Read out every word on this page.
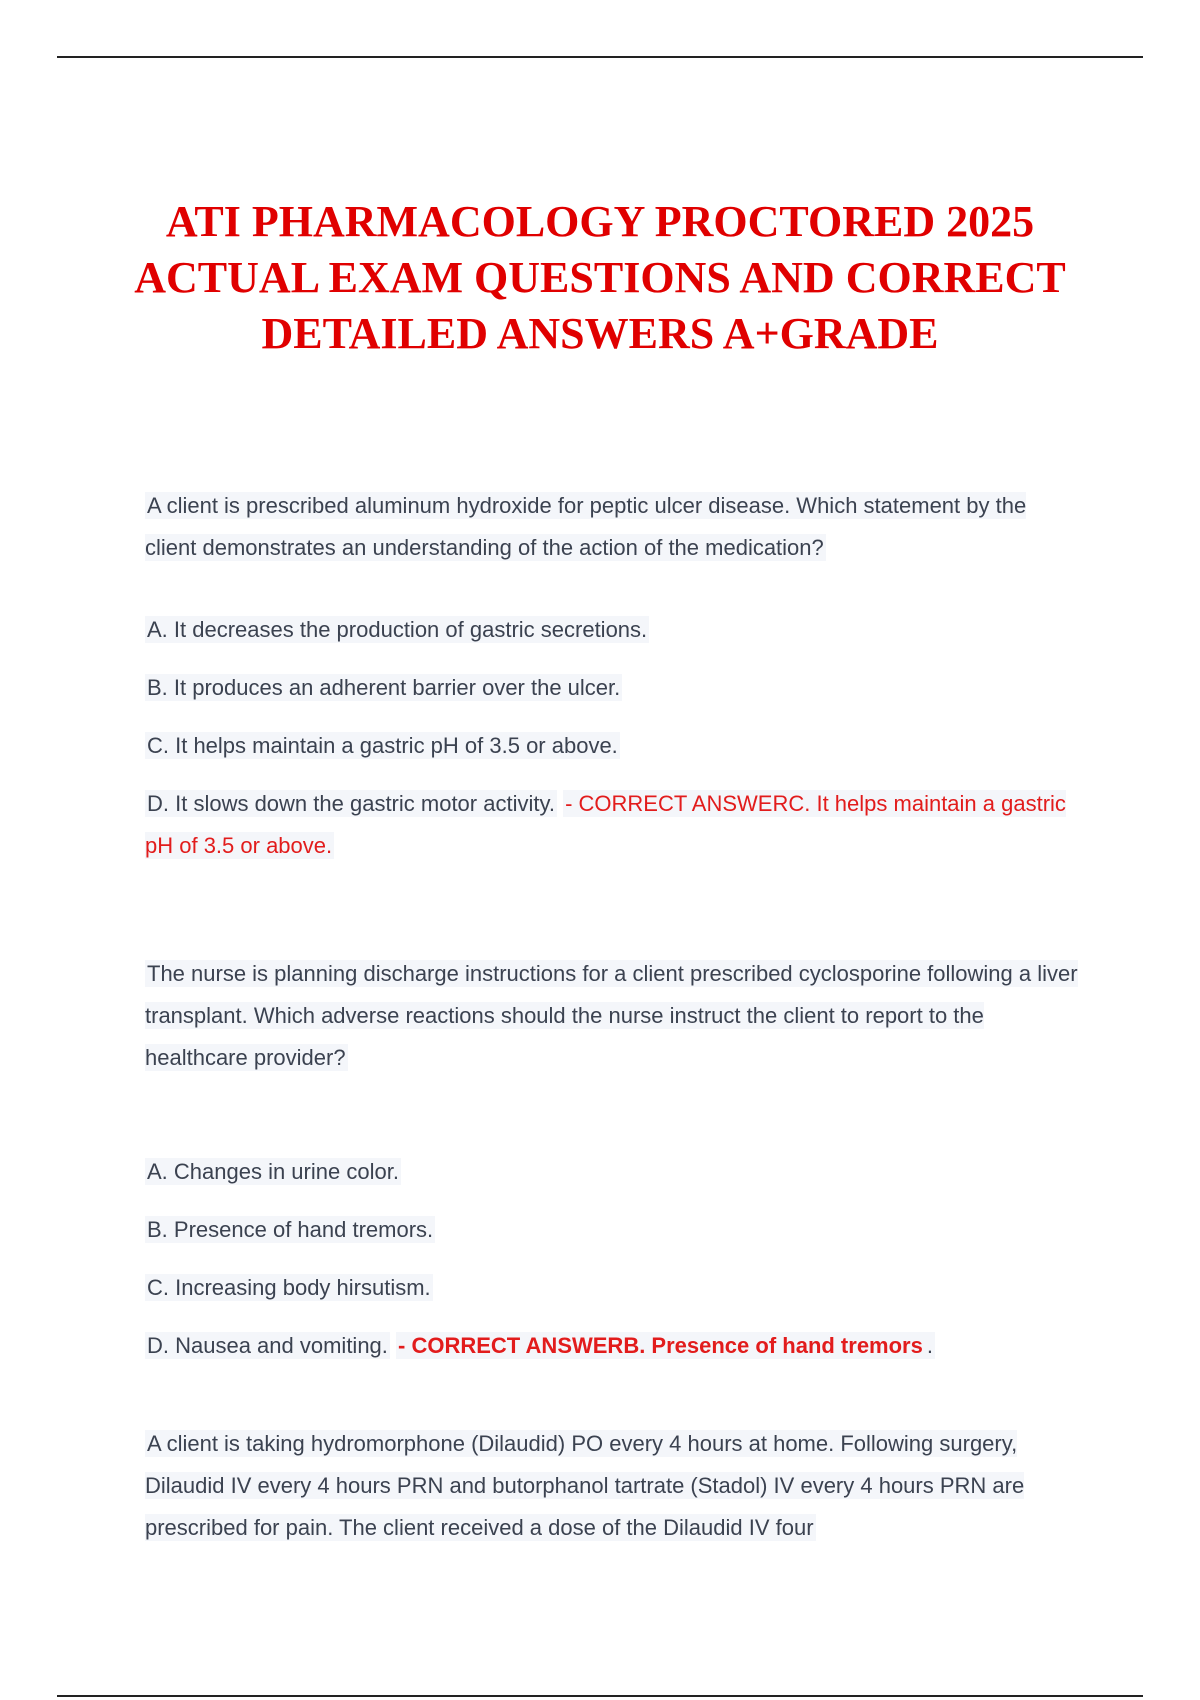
ATI PHARMACOLOGY PROCTORED 2025 ACTUAL EXAM QUESTIONS AND CORRECT DETAILED ANSWERS A+GRADE

A client is prescribed aluminum hydroxide for peptic ulcer disease. Which statement by the client demonstrates an understanding of the action of the medication?

A. It decreases the production of gastric secretions.

B. It produces an adherent barrier over the ulcer.

C. It helps maintain a gastric pH of 3.5 or above.

D. It slows down the gastric motor activity. - CORRECT ANSWERC. It helps maintain a gastric pH of 3.5 or above.

The nurse is planning discharge instructions for a client prescribed cyclosporine following a liver transplant. Which adverse reactions should the nurse instruct the client to report to the healthcare provider?

A. Changes in urine color.

B. Presence of hand tremors.

C. Increasing body hirsutism.

D. Nausea and vomiting. - CORRECT ANSWERB. Presence of hand tremors .

A client is taking hydromorphone (Dilaudid) PO every 4 hours at home. Following surgery, Dilaudid IV every 4 hours PRN and butorphanol tartrate (Stadol) IV every 4 hours PRN are prescribed for pain. The client received a dose of the Dilaudid IV four
